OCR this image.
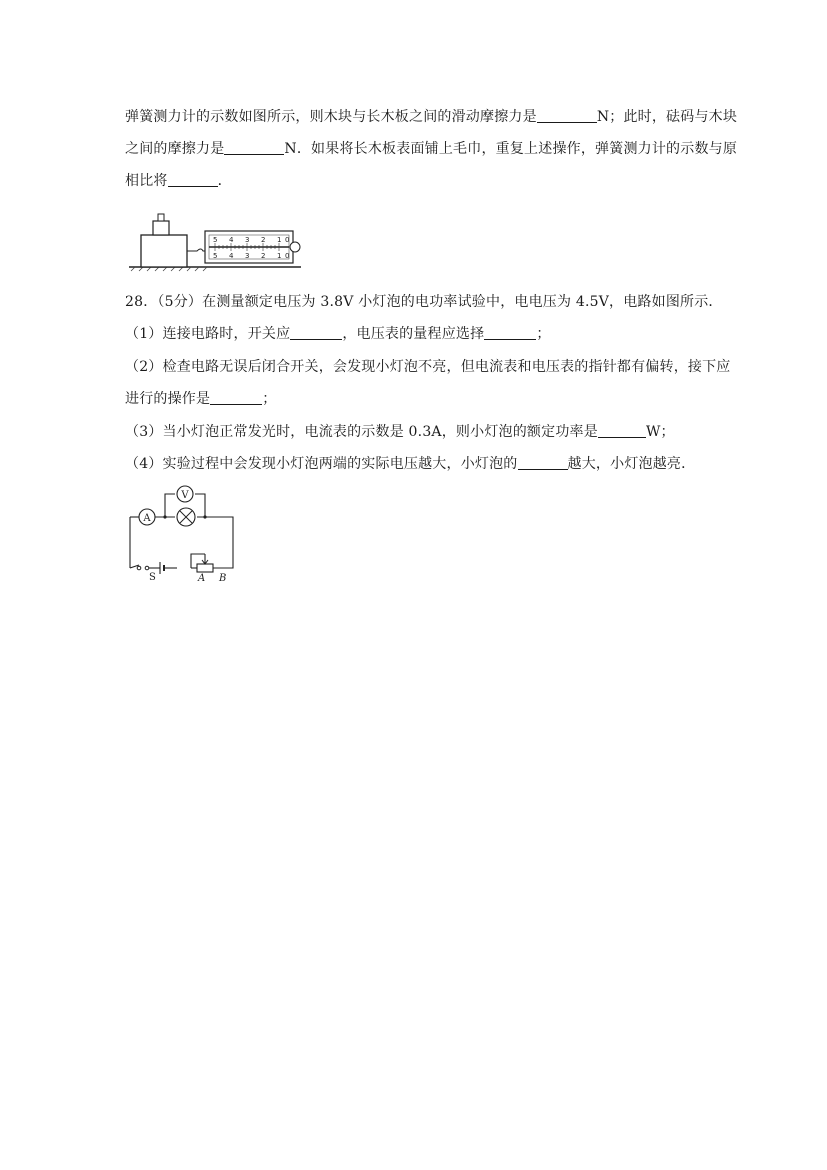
弹簧测力计的示数如图所示，则木块与长木板之间的滑动摩擦力是	N；此时，砝码与木块
之间的摩擦力是	N．如果将长木板表面铺上毛巾，重复上述操作，弹簧测力计的示数与原
相比将	．
5 4 3 2 1 0
5 4 3 2 1 0
28．（5分）在测量额定电压为 3.8V 小灯泡的电功率试验中，电电压为 4.5V，电路如图所示．
（1）连接电路时，开关应	，电压表的量程应选择	；
（2）检查电路无误后闭合开关，会发现小灯泡不亮，但电流表和电压表的指针都有偏转，接下应
进行的操作是	；
（3）当小灯泡正常发光时，电流表的示数是 0.3A，则小灯泡的额定功率是	W；
（4）实验过程中会发现小灯泡两端的实际电压越大，小灯泡的	越大，小灯泡越亮．
A
V
S	A B
